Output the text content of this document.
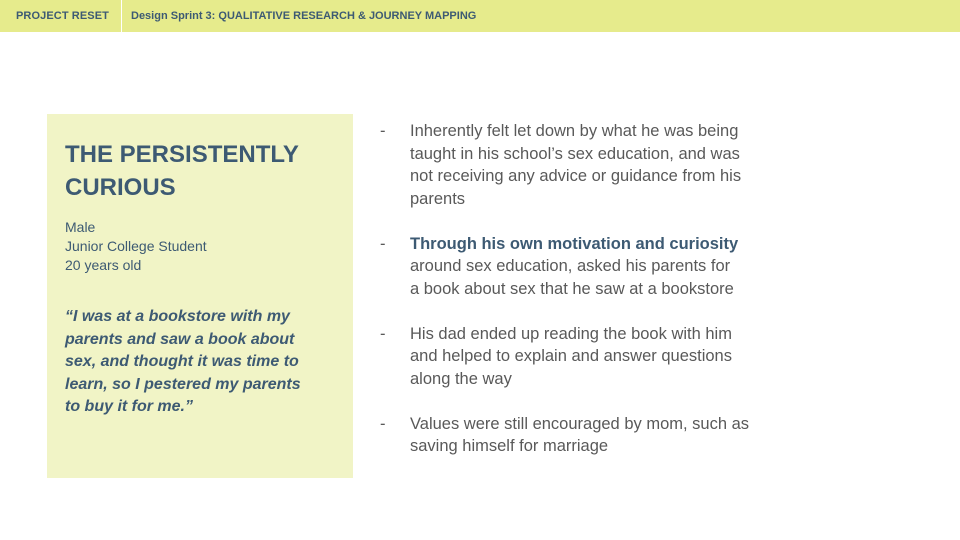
PROJECT RESET Design Sprint 3: QUALITATIVE RESEARCH & JOURNEY MAPPING
THE PERSISTENTLY
CURIOUS
Male
Junior College Student
20 years old

“I was at a bookstore with my
parents and saw a book about
sex, and thought it was time to
learn, so I pestered my parents
to buy it for me.”

- Inherently felt let down by what he was being
taught in his school’s sex education, and was
not receiving any advice or guidance from his
parents
- Through his own motivation and curiosity
around sex education, asked his parents for
a book about sex that he saw at a bookstore
- His dad ended up reading the book with him
and helped to explain and answer questions
along the way
- Values were still encouraged by mom, such as
saving himself for marriage
